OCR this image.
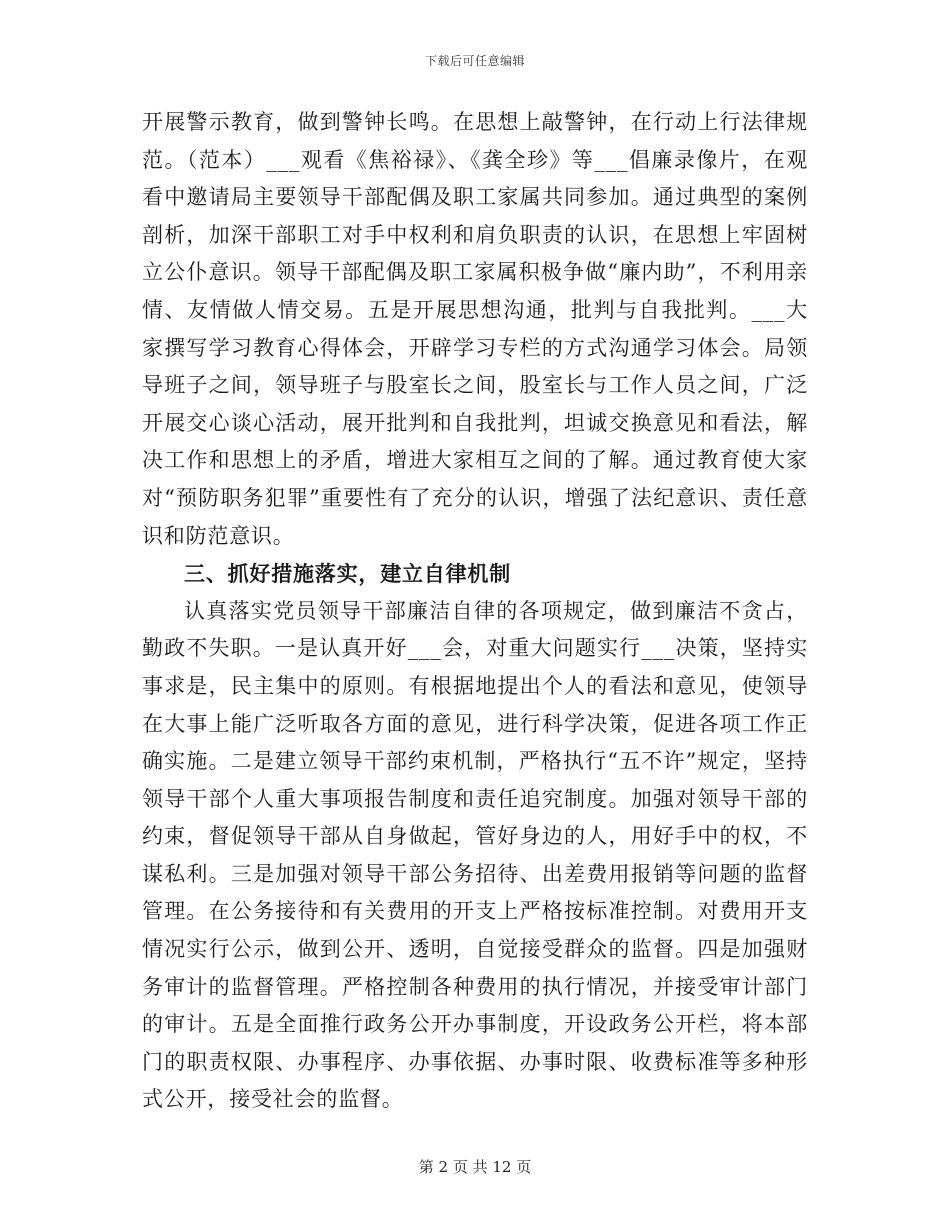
下载后可任意编辑

开展警示教育，做到警钟长鸣。在思想上敲警钟，在行动上行法律规范。（范本）___观看《焦裕禄》、《龚全珍》等___倡廉录像片，在观看中邀请局主要领导干部配偶及职工家属共同参加。通过典型的案例剖析，加深干部职工对手中权利和肩负职责的认识，在思想上牢固树立公仆意识。领导干部配偶及职工家属积极争做“廉内助”，不利用亲情、友情做人情交易。五是开展思想沟通，批判与自我批判。___大家撰写学习教育心得体会，开辟学习专栏的方式沟通学习体会。局领导班子之间，领导班子与股室长之间，股室长与工作人员之间，广泛开展交心谈心活动，展开批判和自我批判，坦诚交换意见和看法，解决工作和思想上的矛盾，增进大家相互之间的了解。通过教育使大家对“预防职务犯罪”重要性有了充分的认识，增强了法纪意识、责任意识和防范意识。

三、抓好措施落实，建立自律机制

认真落实党员领导干部廉洁自律的各项规定，做到廉洁不贪占，勤政不失职。一是认真开好___会，对重大问题实行___决策，坚持实事求是，民主集中的原则。有根据地提出个人的看法和意见，使领导在大事上能广泛听取各方面的意见，进行科学决策，促进各项工作正确实施。二是建立领导干部约束机制，严格执行“五不许”规定，坚持领导干部个人重大事项报告制度和责任追究制度。加强对领导干部的约束，督促领导干部从自身做起，管好身边的人，用好手中的权，不谋私利。三是加强对领导干部公务招待、出差费用报销等问题的监督管理。在公务接待和有关费用的开支上严格按标准控制。对费用开支情况实行公示，做到公开、透明，自觉接受群众的监督。四是加强财务审计的监督管理。严格控制各种费用的执行情况，并接受审计部门的审计。五是全面推行政务公开办事制度，开设政务公开栏，将本部门的职责权限、办事程序、办事依据、办事时限、收费标准等多种形式公开，接受社会的监督。

第 2 页 共 12 页
